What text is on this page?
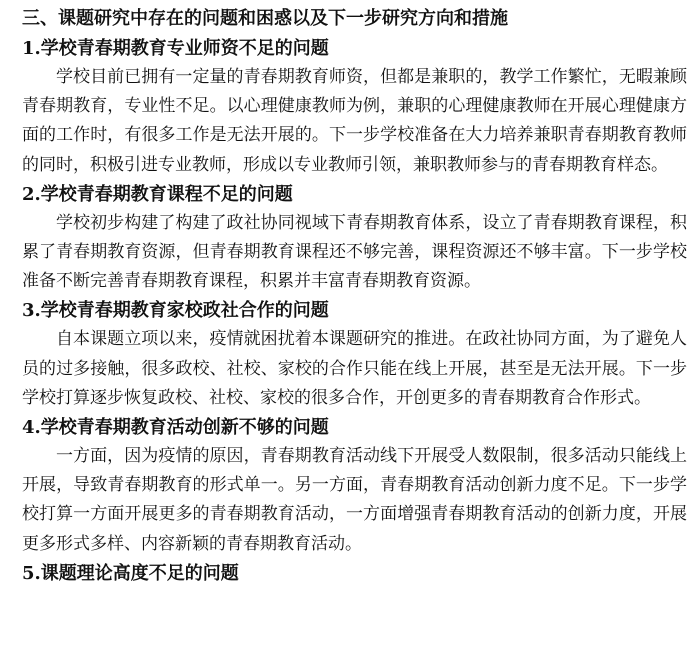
三、课题研究中存在的问题和困惑以及下一步研究方向和措施
1.学校青春期教育专业师资不足的问题

学校目前已拥有一定量的青春期教育师资，但都是兼职的，教学工作繁忙，无暇兼顾青春期教育，专业性不足。以心理健康教师为例，兼职的心理健康教师在开展心理健康方面的工作时，有很多工作是无法开展的。下一步学校准备在大力培养兼职青春期教育教师的同时，积极引进专业教师，形成以专业教师引领，兼职教师参与的青春期教育样态。

2.学校青春期教育课程不足的问题

学校初步构建了构建了政社协同视域下青春期教育体系，设立了青春期教育课程，积累了青春期教育资源，但青春期教育课程还不够完善，课程资源还不够丰富。下一步学校准备不断完善青春期教育课程，积累并丰富青春期教育资源。

3.学校青春期教育家校政社合作的问题

自本课题立项以来，疫情就困扰着本课题研究的推进。在政社协同方面，为了避免人员的过多接触，很多政校、社校、家校的合作只能在线上开展，甚至是无法开展。下一步学校打算逐步恢复政校、社校、家校的很多合作，开创更多的青春期教育合作形式。

4.学校青春期教育活动创新不够的问题

一方面，因为疫情的原因，青春期教育活动线下开展受人数限制，很多活动只能线上开展，导致青春期教育的形式单一。另一方面，青春期教育活动创新力度不足。下一步学校打算一方面开展更多的青春期教育活动，一方面增强青春期教育活动的创新力度，开展更多形式多样、内容新颖的青春期教育活动。

5.课题理论高度不足的问题
